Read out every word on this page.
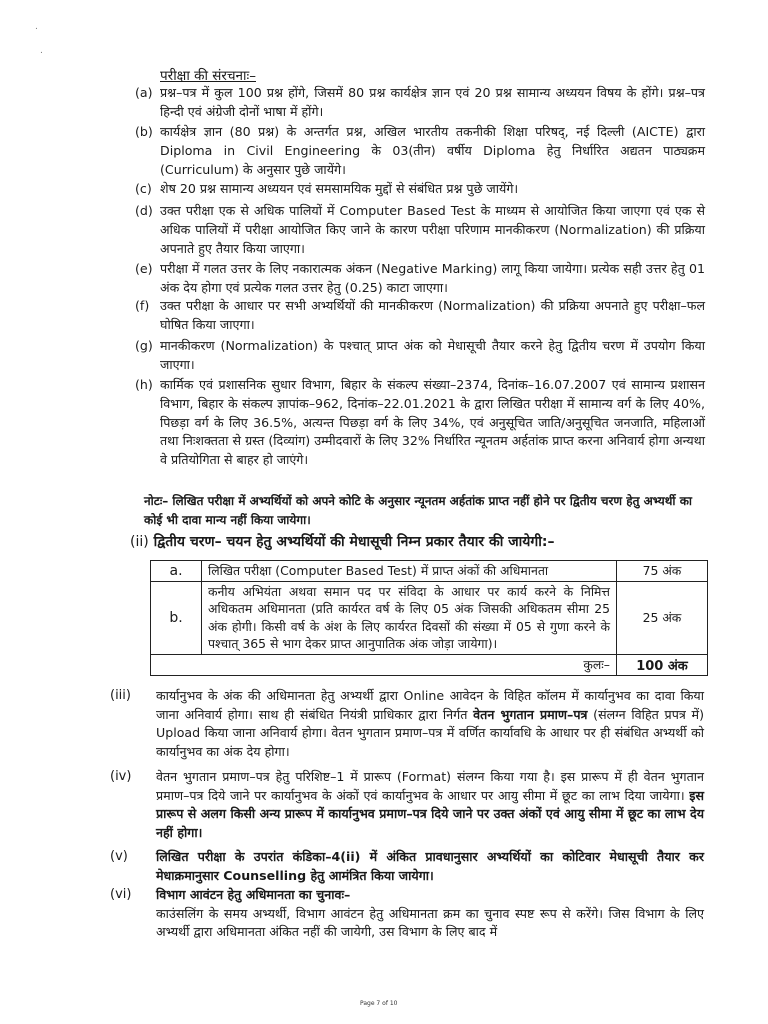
.
.
परीक्षा की संरचनाः–
(a) प्रश्न–पत्र में कुल 100 प्रश्न होंगे, जिसमें 80 प्रश्न कार्यक्षेत्र ज्ञान एवं 20 प्रश्न सामान्य अध्ययन विषय के होंगे। प्रश्न–पत्र हिन्दी एवं अंग्रेजी दोनों भाषा में होंगे।
(b) कार्यक्षेत्र ज्ञान (80 प्रश्न) के अन्तर्गत प्रश्न, अखिल भारतीय तकनीकी शिक्षा परिषद्, नई दिल्ली (AICTE) द्वारा Diploma in Civil Engineering के 03(तीन) वर्षीय Diploma हेतु निर्धारित अद्यतन पाठ्यक्रम (Curriculum) के अनुसार पुछे जायेंगे।
(c) शेष 20 प्रश्न सामान्य अध्ययन एवं समसामयिक मुद्दों से संबंधित प्रश्न पुछे जायेंगे।
(d) उक्त परीक्षा एक से अधिक पालियों में Computer Based Test के माध्यम से आयोजित किया जाएगा एवं एक से अधिक पालियों में परीक्षा आयोजित किए जाने के कारण परीक्षा परिणाम मानकीकरण (Normalization) की प्रक्रिया अपनाते हुए तैयार किया जाएगा।
(e) परीक्षा में गलत उत्तर के लिए नकारात्मक अंकन (Negative Marking) लागू किया जायेगा। प्रत्येक सही उत्तर हेतु 01 अंक देय होगा एवं प्रत्येक गलत उत्तर हेतु (0.25) काटा जाएगा।
(f) उक्त परीक्षा के आधार पर सभी अभ्यर्थियों की मानकीकरण (Normalization) की प्रक्रिया अपनाते हुए परीक्षा–फल घोषित किया जाएगा।
(g) मानकीकरण (Normalization) के पश्चात् प्राप्त अंक को मेधासूची तैयार करने हेतु द्वितीय चरण में उपयोग किया जाएगा।
(h) कार्मिक एवं प्रशासनिक सुधार विभाग, बिहार के संकल्प संख्या–2374, दिनांक–16.07.2007 एवं सामान्य प्रशासन विभाग, बिहार के संकल्प ज्ञापांक–962, दिनांक–22.01.2021 के द्वारा लिखित परीक्षा में सामान्य वर्ग के लिए 40%, पिछड़ा वर्ग के लिए 36.5%, अत्यन्त पिछड़ा वर्ग के लिए 34%, एवं अनुसूचित जाति/अनुसूचित जनजाति, महिलाओं तथा निःशक्तता से ग्रस्त (दिव्यांग) उम्मीदवारों के लिए 32% निर्धारित न्यूनतम अर्हतांक प्राप्त करना अनिवार्य होगा अन्यथा वे प्रतियोगिता से बाहर हो जाएंगे।
नोटः– लिखित परीक्षा में अभ्यर्थियों को अपने कोटि के अनुसार न्यूनतम अर्हतांक प्राप्त नहीं होने पर द्वितीय चरण हेतु अभ्यर्थी का कोई भी दावा मान्य नहीं किया जायेगा।
(ii) द्वितीय चरण– चयन हेतु अभ्यर्थियों की मेधासूची निम्न प्रकार तैयार की जायेगी:–
a.	लिखित परीक्षा (Computer Based Test) में प्राप्त अंकों की अधिमानता	75 अंक
b.	कनीय अभियंता अथवा समान पद पर संविदा के आधार पर कार्य करने के निमित्त अधिकतम अधिमानता (प्रति कार्यरत वर्ष के लिए 05 अंक जिसकी अधिकतम सीमा 25 अंक होगी। किसी वर्ष के अंश के लिए कार्यरत दिवसों की संख्या में 05 से गुणा करने के पश्चात् 365 से भाग देकर प्राप्त आनुपातिक अंक जोड़ा जायेगा)।	25 अंक
कुलः–		100 अंक
(iii) कार्यानुभव के अंक की अधिमानता हेतु अभ्यर्थी द्वारा Online आवेदन के विहित कॉलम में कार्यानुभव का दावा किया जाना अनिवार्य होगा। साथ ही संबंधित नियंत्री प्राधिकार द्वारा निर्गत वेतन भुगतान प्रमाण–पत्र (संलग्न विहित प्रपत्र में) Upload किया जाना अनिवार्य होगा। वेतन भुगतान प्रमाण–पत्र में वर्णित कार्यावधि के आधार पर ही संबंधित अभ्यर्थी को कार्यानुभव का अंक देय होगा।
(iv) वेतन भुगतान प्रमाण–पत्र हेतु परिशिष्ट–1 में प्रारूप (Format) संलग्न किया गया है। इस प्रारूप में ही वेतन भुगतान प्रमाण–पत्र दिये जाने पर कार्यानुभव के अंकों एवं कार्यानुभव के आधार पर आयु सीमा में छूट का लाभ दिया जायेगा। इस प्रारूप से अलग किसी अन्य प्रारूप में कार्यानुभव प्रमाण–पत्र दिये जाने पर उक्त अंकों एवं आयु सीमा में छूट का लाभ देय नहीं होगा।
(v) लिखित परीक्षा के उपरांत कंडिका–4(ii) में अंकित प्रावधानुसार अभ्यर्थियों का कोटिवार मेधासूची तैयार कर मेधाक्रमानुसार Counselling हेतु आमंत्रित किया जायेगा।
(vi) विभाग आवंटन हेतु अधिमानता का चुनावः–
काउंसलिंग के समय अभ्यर्थी, विभाग आवंटन हेतु अधिमानता क्रम का चुनाव स्पष्ट रूप से करेंगे। जिस विभाग के लिए अभ्यर्थी द्वारा अधिमानता अंकित नहीं की जायेगी, उस विभाग के लिए बाद में
Page 7 of 10
